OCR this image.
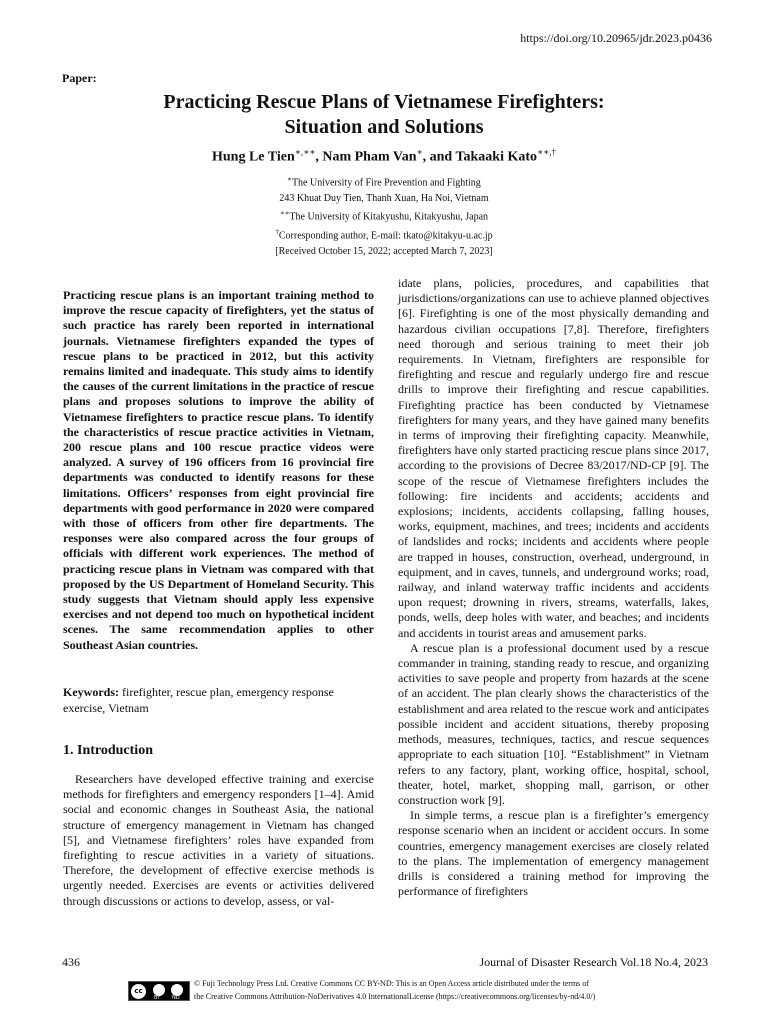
https://doi.org/10.20965/jdr.2023.p0436
Paper:
Practicing Rescue Plans of Vietnamese Firefighters:
Situation and Solutions
Hung Le Tien∗,∗∗, Nam Pham Van∗, and Takaaki Kato∗∗,†
∗The University of Fire Prevention and Fighting
243 Khuat Duy Tien, Thanh Xuan, Ha Noi, Vietnam
∗∗The University of Kitakyushu, Kitakyushu, Japan
†Corresponding author, E-mail: tkato@kitakyu-u.ac.jp
[Received October 15, 2022; accepted March 7, 2023]

Practicing rescue plans is an important training method to improve the rescue capacity of firefighters, yet the status of such practice has rarely been reported in international journals. Vietnamese firefighters expanded the types of rescue plans to be practiced in 2012, but this activity remains limited and inadequate. This study aims to identify the causes of the current limitations in the practice of rescue plans and proposes solutions to improve the ability of Vietnamese firefighters to practice rescue plans. To identify the characteristics of rescue practice activities in Vietnam, 200 rescue plans and 100 rescue practice videos were analyzed. A survey of 196 officers from 16 provincial fire departments was conducted to identify reasons for these limitations. Officers’ responses from eight provincial fire departments with good performance in 2020 were compared with those of officers from other fire departments. The responses were also compared across the four groups of officials with different work experiences. The method of practicing rescue plans in Vietnam was compared with that proposed by the US Department of Homeland Security. This study suggests that Vietnam should apply less expensive exercises and not depend too much on hypothetical incident scenes. The same recommendation applies to other Southeast Asian countries.

Keywords: firefighter, rescue plan, emergency response exercise, Vietnam
1. Introduction

Researchers have developed effective training and exercise methods for firefighters and emergency responders [1–4]. Amid social and economic changes in Southeast Asia, the national structure of emergency management in Vietnam has changed [5], and Vietnamese firefighters’ roles have expanded from firefighting to rescue activities in a variety of situations. Therefore, the development of effective exercise methods is urgently needed. Exercises are events or activities delivered through discussions or actions to develop, assess, or val-

idate plans, policies, procedures, and capabilities that jurisdictions/organizations can use to achieve planned objectives [6]. Firefighting is one of the most physically demanding and hazardous civilian occupations [7,8]. Therefore, firefighters need thorough and serious training to meet their job requirements. In Vietnam, firefighters are responsible for firefighting and rescue and regularly undergo fire and rescue drills to improve their firefighting and rescue capabilities. Firefighting practice has been conducted by Vietnamese firefighters for many years, and they have gained many benefits in terms of improving their firefighting capacity. Meanwhile, firefighters have only started practicing rescue plans since 2017, according to the provisions of Decree 83/2017/ND-CP [9]. The scope of the rescue of Vietnamese firefighters includes the following: fire incidents and accidents; accidents and explosions; incidents, accidents collapsing, falling houses, works, equipment, machines, and trees; incidents and accidents of landslides and rocks; incidents and accidents where people are trapped in houses, construction, overhead, underground, in equipment, and in caves, tunnels, and underground works; road, railway, and inland waterway traffic incidents and accidents upon request; drowning in rivers, streams, waterfalls, lakes, ponds, wells, deep holes with water, and beaches; and incidents and accidents in tourist areas and amusement parks.

A rescue plan is a professional document used by a rescue commander in training, standing ready to rescue, and organizing activities to save people and property from hazards at the scene of an accident. The plan clearly shows the characteristics of the establishment and area related to the rescue work and anticipates possible incident and accident situations, thereby proposing methods, measures, techniques, tactics, and rescue sequences appropriate to each situation [10]. “Establishment” in Vietnam refers to any factory, plant, working office, hospital, school, theater, hotel, market, shopping mall, garrison, or other construction work [9].

In simple terms, a rescue plan is a firefighter’s emergency response scenario when an incident or accident occurs. In some countries, emergency management exercises are closely related to the plans. The implementation of emergency management drills is considered a training method for improving the performance of firefighters

436	Journal of Disaster Research Vol.18 No.4, 2023
cc
BY ND
© Fuji Technology Press Ltd. Creative Commons CC BY-ND: This is an Open Access article distributed under the terms of
the Creative Commons Attribution-NoDerivatives 4.0 InternationalLicense (https://creativecommons.org/licenses/by-nd/4.0/)
